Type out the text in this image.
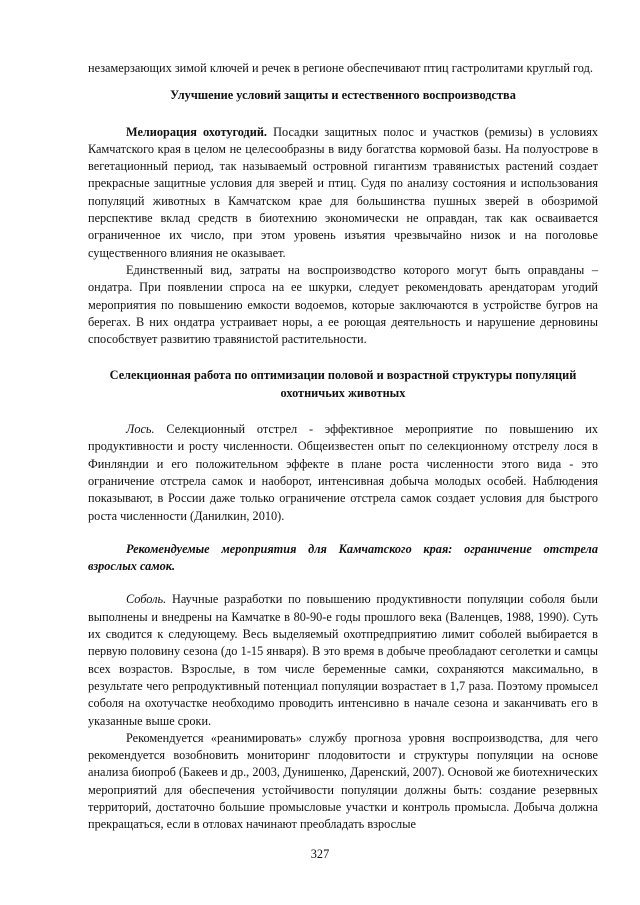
незамерзающих зимой ключей и речек в регионе обеспечивают птиц гастролитами круглый год.

Улучшение условий защиты и естественного воспроизводства

Мелиорация охотугодий. Посадки защитных полос и участков (ремизы) в условиях Камчатского края в целом не целесообразны в виду богатства кормовой базы. На полуострове в вегетационный период, так называемый островной гигантизм травянистых растений создает прекрасные защитные условия для зверей и птиц. Судя по анализу состояния и использования популяций животных в Камчатском крае для большинства пушных зверей в обозримой перспективе вклад средств в биотехнию экономически не оправдан, так как осваивается ограниченное их число, при этом уровень изъятия чрезвычайно низок и на поголовье существенного влияния не оказывает.

Единственный вид, затраты на воспроизводство которого могут быть оправданы – ондатра. При появлении спроса на ее шкурки, следует рекомендовать арендаторам угодий мероприятия по повышению емкости водоемов, которые заключаются в устройстве бугров на берегах. В них ондатра устраивает норы, а ее роющая деятельность и нарушение дерновины способствует развитию травянистой растительности.

Селекционная работа по оптимизации половой и возрастной структуры популяций охотничьих животных

Лось. Селекционный отстрел - эффективное мероприятие по повышению их продуктивности и росту численности. Общеизвестен опыт по селекционному отстрелу лося в Финляндии и его положительном эффекте в плане роста численности этого вида - это ограничение отстрела самок и наоборот, интенсивная добыча молодых особей. Наблюдения показывают, в России даже только ограничение отстрела самок создает условия для быстрого роста численности (Данилкин, 2010).

Рекомендуемые мероприятия для Камчатского края: ограничение отстрела взрослых самок.

Соболь. Научные разработки по повышению продуктивности популяции соболя были выполнены и внедрены на Камчатке в 80-90-е годы прошлого века (Валенцев, 1988, 1990). Суть их сводится к следующему. Весь выделяемый охотпредприятию лимит соболей выбирается в первую половину сезона (до 1-15 января). В это время в добыче преобладают сеголетки и самцы всех возрастов. Взрослые, в том числе беременные самки, сохраняются максимально, в результате чего репродуктивный потенциал популяции возрастает в 1,7 раза. Поэтому промысел соболя на охотучастке необходимо проводить интенсивно в начале сезона и заканчивать его в указанные выше сроки.

Рекомендуется «реанимировать» службу прогноза уровня воспроизводства, для чего рекомендуется возобновить мониторинг плодовитости и структуры популяции на основе анализа биопроб (Бакеев и др., 2003, Дунишенко, Даренский, 2007). Основой же биотехнических мероприятий для обеспечения устойчивости популяции должны быть: создание резервных территорий, достаточно большие промысловые участки и контроль промысла. Добыча должна прекращаться, если в отловах начинают преобладать взрослые

327
